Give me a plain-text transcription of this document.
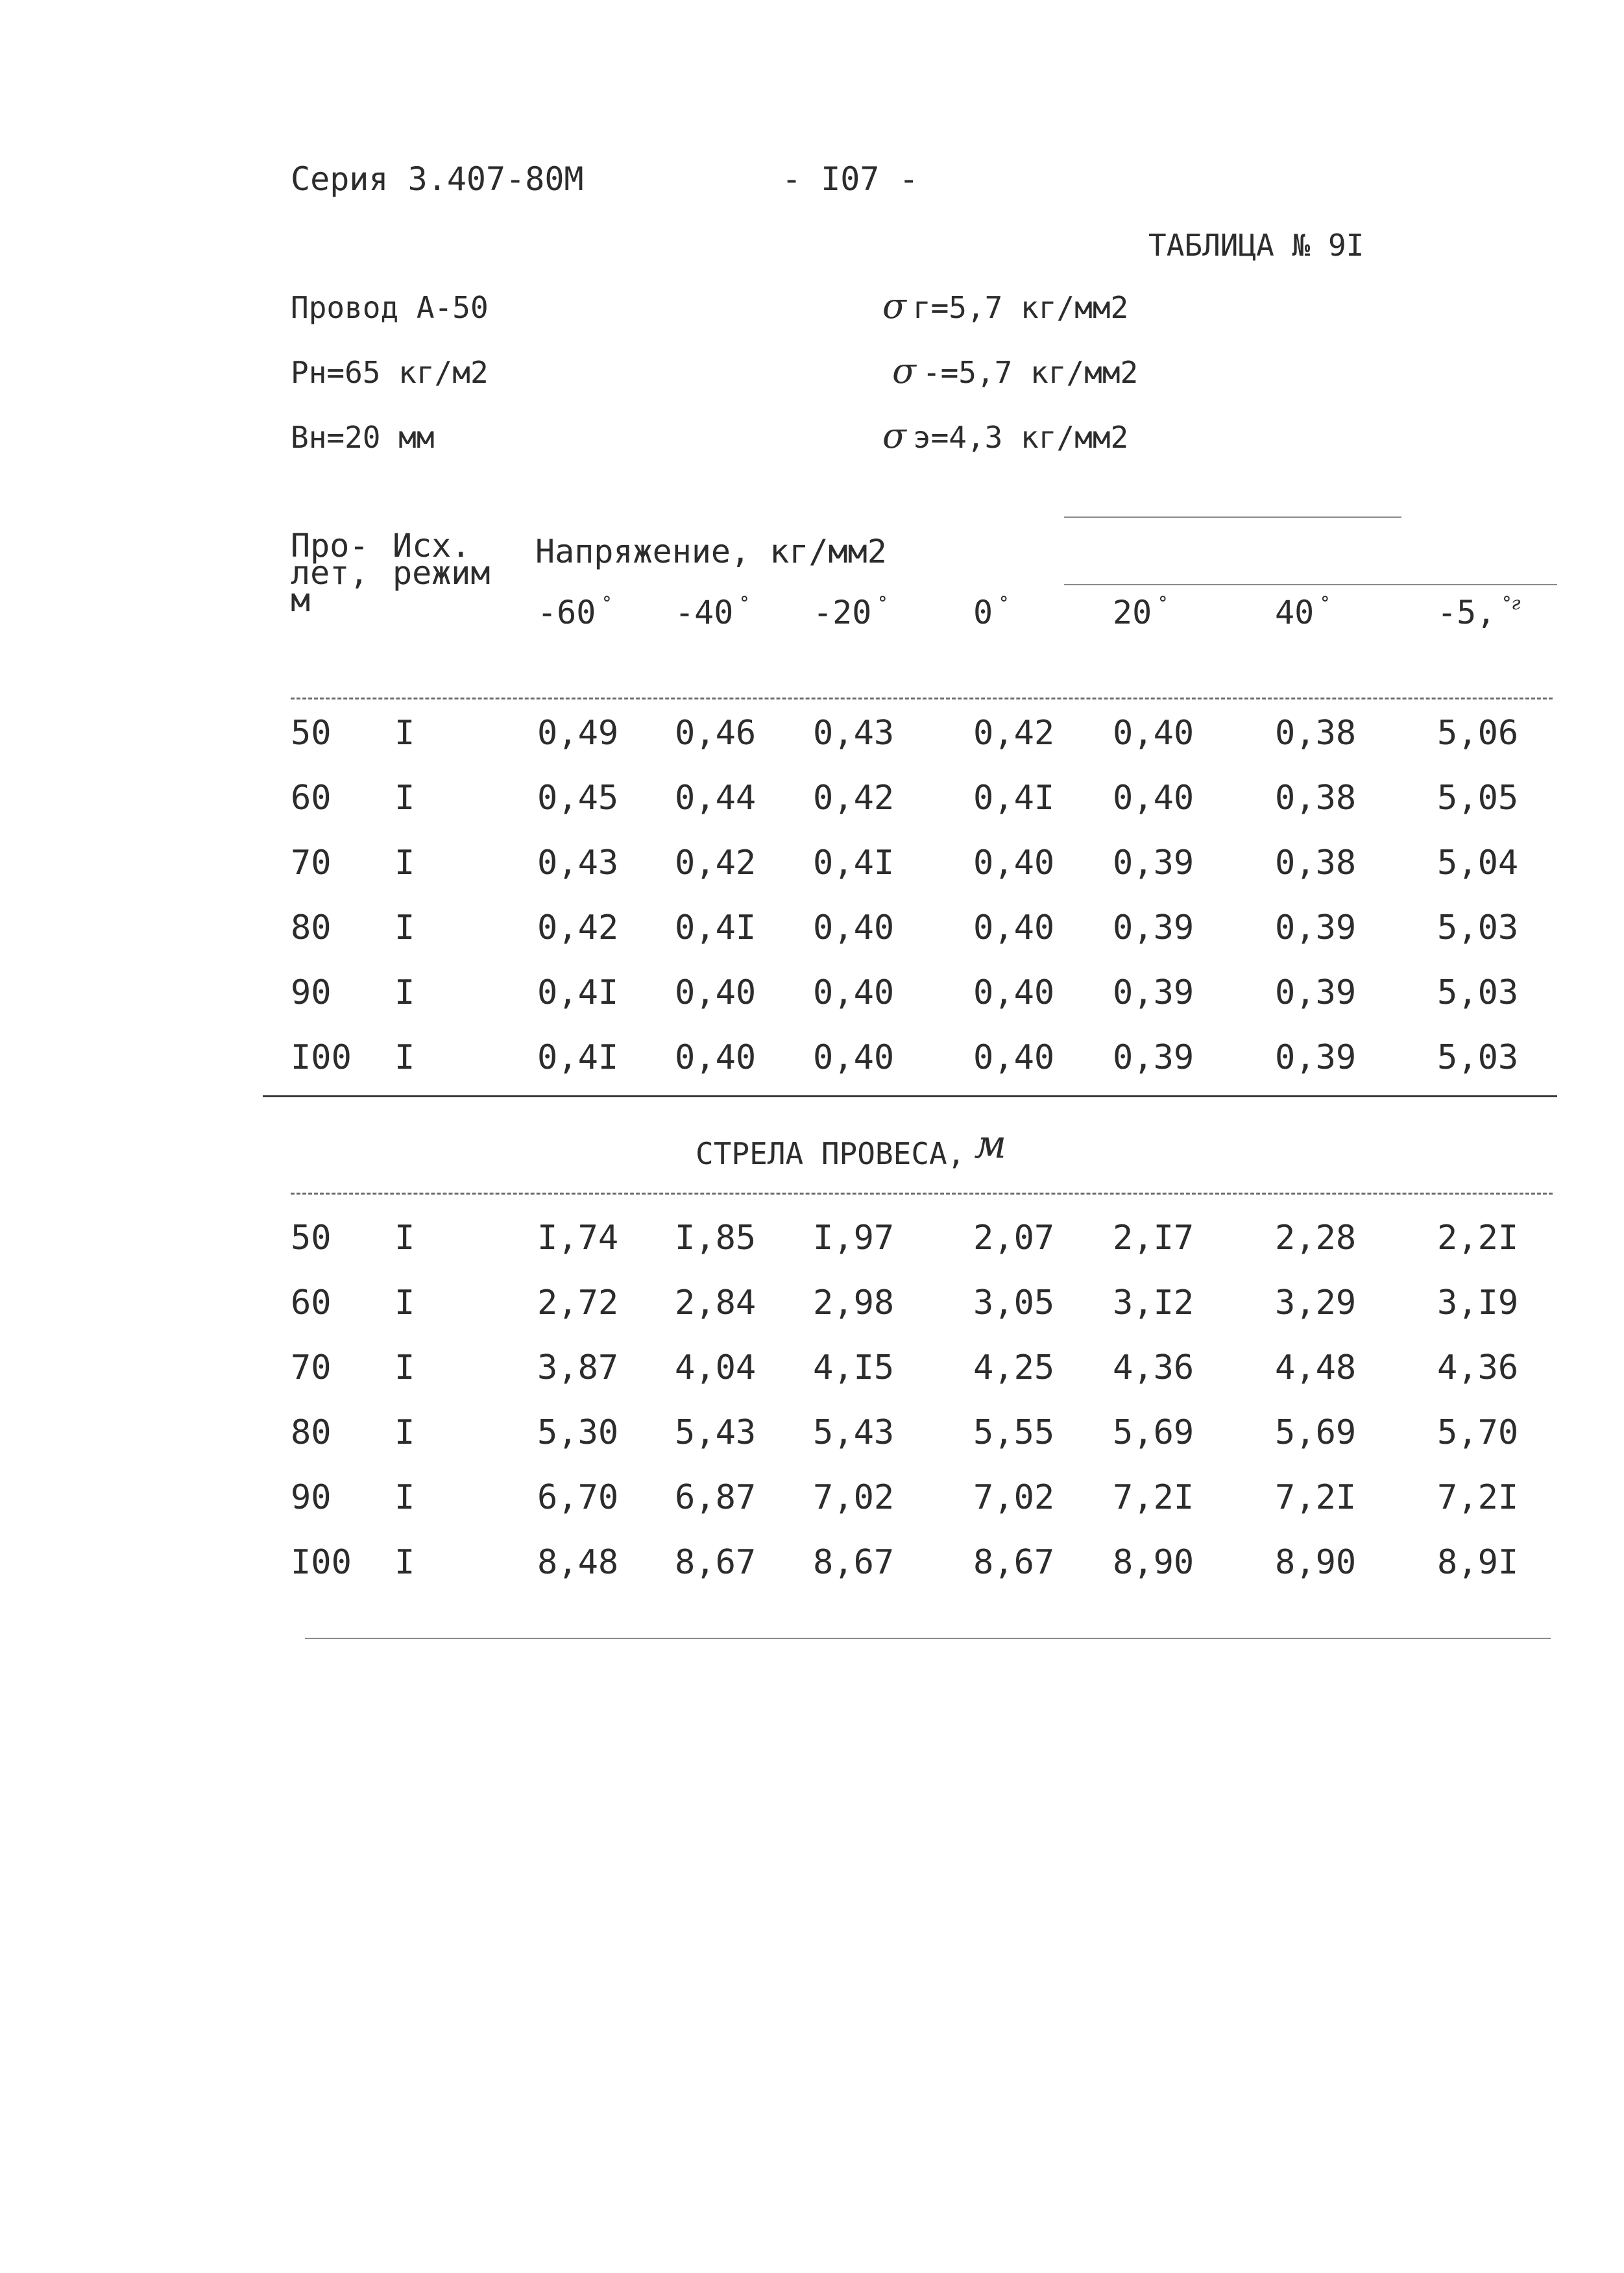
Серия 3.407-80М	- I07 -
ТАБЛИЦА № 9I
Провод А-50
Рн=65 кг/м2
Вн=20 мм
σ г=5,7 кг/мм2
σ -=5,7 кг/мм2
σ э=4,3 кг/мм2
Про-
лет,
м
Исх.
режим
Напряжение, кг/мм2
-60 ° -40 ° -20 °	0 °	20 °	40 °	-5, $^{^\circ г}$
50 I	0,49 0,46 0,43 0,42 0,40 0,38 5,06
60 I	0,45 0,44 0,42 0,4I 0,40 0,38 5,05
70 I	0,43 0,42 0,4I 0,40 0,39 0,38 5,04
80 I	0,42 0,4I 0,40 0,40 0,39 0,39 5,03
90 I	0,4I 0,40 0,40 0,40 0,39 0,39 5,03
I00 I	0,4I 0,40 0,40 0,40 0,39 0,39 5,03
СТРЕЛА ПРОВЕСА, м
50 I	I,74 I,85 I,97 2,07 2,I7 2,28 2,2I
60 I	2,72 2,84 2,98 3,05 3,I2 3,29 3,I9
70 I	3,87 4,04 4,I5 4,25 4,36 4,48 4,36
80 I	5,30 5,43 5,43 5,55 5,69 5,69 5,70
90 I	6,70 6,87 7,02 7,02 7,2I 7,2I 7,2I
I00 I	8,48 8,67 8,67 8,67 8,90 8,90 8,9I
